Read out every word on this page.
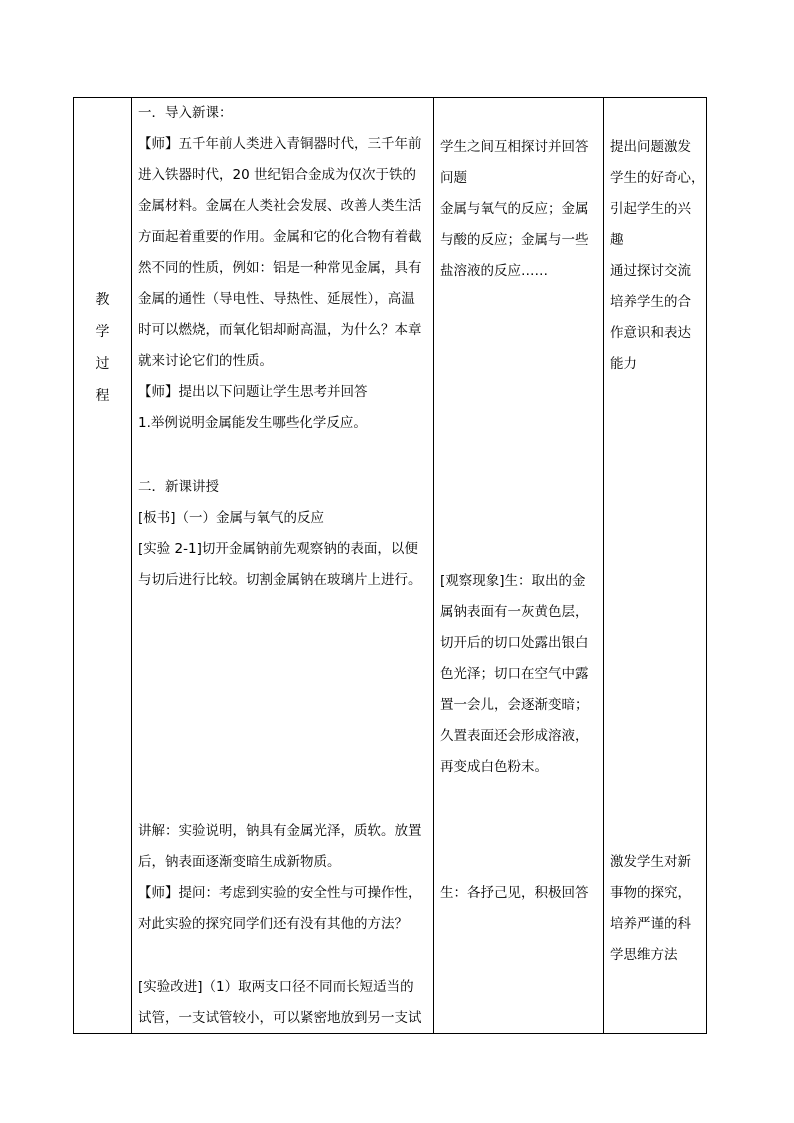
教
学
过
程
一．导入新课：
【师】五千年前人类进入青铜器时代，三千年前
进入铁器时代，20 世纪铝合金成为仅次于铁的
金属材料。金属在人类社会发展、改善人类生活
方面起着重要的作用。金属和它的化合物有着截
然不同的性质，例如：铝是一种常见金属，具有
金属的通性（导电性、导热性、延展性），高温
时可以燃烧，而氧化铝却耐高温，为什么？本章
就来讨论它们的性质。
【师】提出以下问题让学生思考并回答
1.举例说明金属能发生哪些化学反应。
二．新课讲授
[板书]（一）金属与氧气的反应
[实验 2-1]切开金属钠前先观察钠的表面，以便
与切后进行比较。切割金属钠在玻璃片上进行。
讲解：实验说明，钠具有金属光泽，质软。放置
后，钠表面逐渐变暗生成新物质。
【师】提问：考虑到实验的安全性与可操作性，
对此实验的探究同学们还有没有其他的方法？
[实验改进]（1）取两支口径不同而长短适当的
试管，一支试管较小，可以紧密地放到另一支试
学生之间互相探讨并回答
问题
金属与氧气的反应；金属
与酸的反应；金属与一些
盐溶液的反应……
[观察现象]生：取出的金
属钠表面有一灰黄色层，
切开后的切口处露出银白
色光泽；切口在空气中露
置一会儿，会逐渐变暗；
久置表面还会形成溶液，
再变成白色粉末。
生：各抒己见，积极回答
提出问题激发
学生的好奇心，
引起学生的兴
趣
通过探讨交流
培养学生的合
作意识和表达
能力
激发学生对新
事物的探究，
培养严谨的科
学思维方法
